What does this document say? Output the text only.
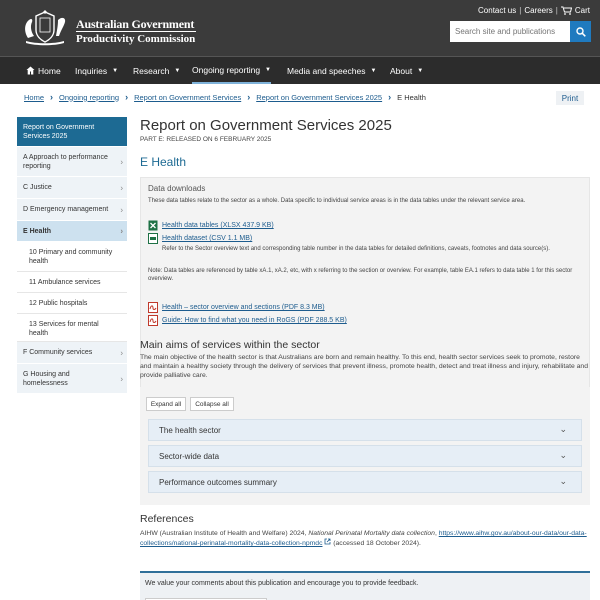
Australian Government
Productivity Commission
Contact us | Careers | Cart
Search site and publications
Home Inquiries ▼ Research ▼ Ongoing reporting ▼ Media and speeches ▼ About ▼
Home › Ongoing reporting › Report on Government Services › Report on Government Services 2025 › E Health	Print
Report on Government Services 2025
A Approach to performance reporting
›
C Justice	›
D Emergency management ›
E Health	›
10 Primary and community health
11 Ambulance services
12 Public hospitals
13 Services for mental health
F Community services	›
G Housing and homelessness
›
Report on Government Services 2025
PART E: RELEASED ON 6 FEBRUARY 2025
E Health
Data downloads
These data tables relate to the sector as a whole. Data specific to individual service areas is in the data tables under the relevant service area.
Health data tables (XLSX 437.9 KB)
Health dataset (CSV 1.1 MB)
Refer to the Sector overview text and corresponding table number in the data tables for detailed definitions, caveats, footnotes and data source(s).
Note: Data tables are referenced by table xA.1, xA.2, etc, with x referring to the section or overview. For example, table EA.1 refers to data table 1 for this sector overview.
Health – sector overview and sections (PDF 8.3 MB)
Guide: How to find what you need in RoGS (PDF 288.5 KB)
Main aims of services within the sector
The main objective of the health sector is that Australians are born and remain healthy. To this end, health sector services seek to promote, restore and maintain a healthy society through the delivery of services that prevent illness, promote health, detect and treat illness and injury, rehabilitate and provide palliative care.
Expand all	Collapse all
The health sector	⌄
Sector-wide data	⌄
Performance outcomes summary	⌄
References
AIHW (Australian Institute of Health and Welfare) 2024, National Perinatal Mortality data collection, https://www.aihw.gov.au/about-our-data/our-data-collections/national-perinatal-mortality-data-collection-npmdc  (accessed 18 October 2024).
We value your comments about this publication and encourage you to provide feedback.
